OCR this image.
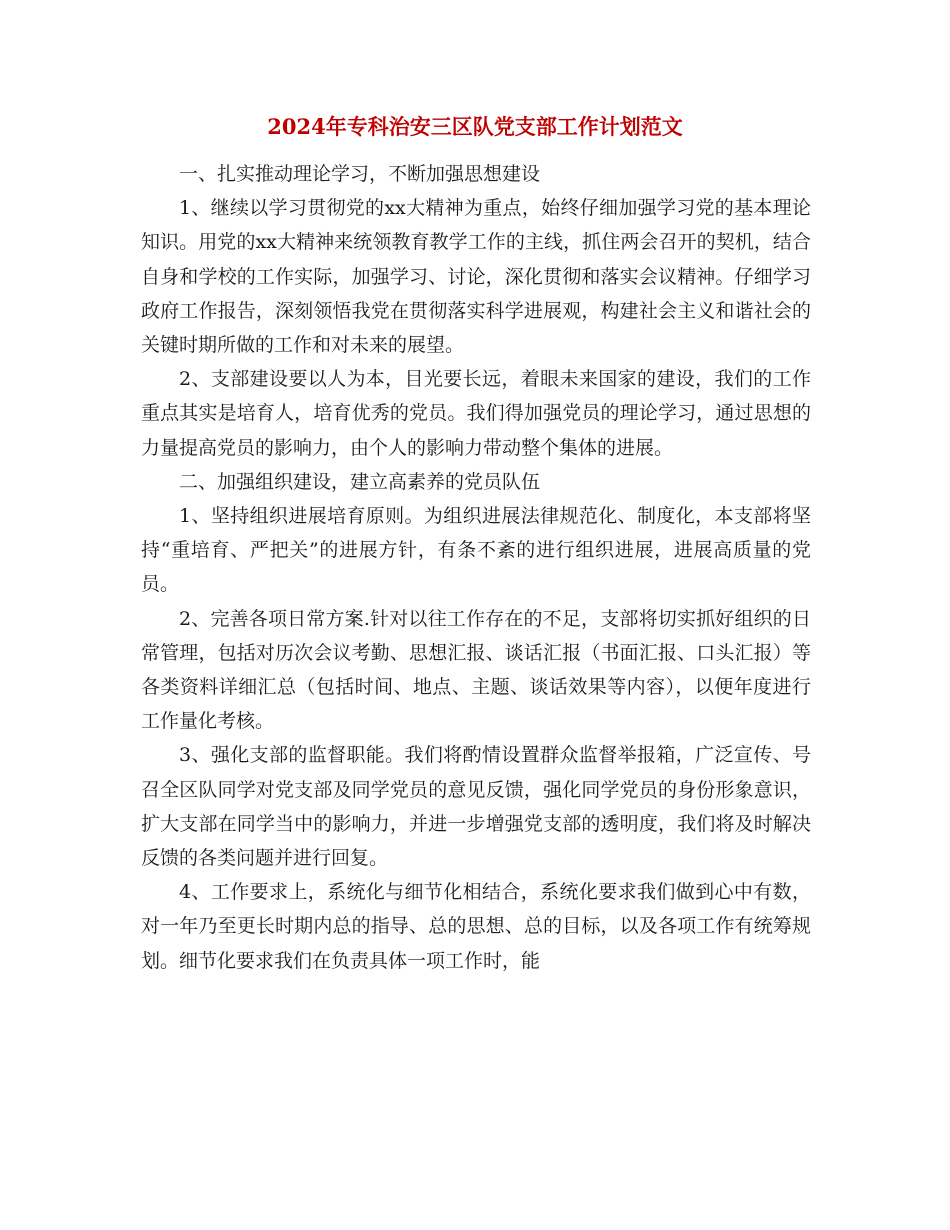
2024年专科治安三区队党支部工作计划范文

一、扎实推动理论学习，不断加强思想建设

1、继续以学习贯彻党的xx大精神为重点，始终仔细加强学习党的基本理论知识。用党的xx大精神来统领教育教学工作的主线，抓住两会召开的契机，结合自身和学校的工作实际，加强学习、讨论，深化贯彻和落实会议精神。仔细学习政府工作报告，深刻领悟我党在贯彻落实科学进展观，构建社会主义和谐社会的关键时期所做的工作和对未来的展望。

2、支部建设要以人为本，目光要长远，着眼未来国家的建设，我们的工作重点其实是培育人，培育优秀的党员。我们得加强党员的理论学习，通过思想的力量提高党员的影响力，由个人的影响力带动整个集体的进展。

二、加强组织建设，建立高素养的党员队伍

1、坚持组织进展培育原则。为组织进展法律规范化、制度化，本支部将坚持“重培育、严把关”的进展方针，有条不紊的进行组织进展，进展高质量的党员。

2、完善各项日常方案.针对以往工作存在的不足，支部将切实抓好组织的日常管理，包括对历次会议考勤、思想汇报、谈话汇报（书面汇报、口头汇报）等各类资料详细汇总（包括时间、地点、主题、谈话效果等内容），以便年度进行工作量化考核。

3、强化支部的监督职能。我们将酌情设置群众监督举报箱，广泛宣传、号召全区队同学对党支部及同学党员的意见反馈，强化同学党员的身份形象意识，扩大支部在同学当中的影响力，并进一步增强党支部的透明度，我们将及时解决反馈的各类问题并进行回复。

4、工作要求上，系统化与细节化相结合，系统化要求我们做到心中有数，对一年乃至更长时期内总的指导、总的思想、总的目标，以及各项工作有统筹规划。细节化要求我们在负责具体一项工作时，能
